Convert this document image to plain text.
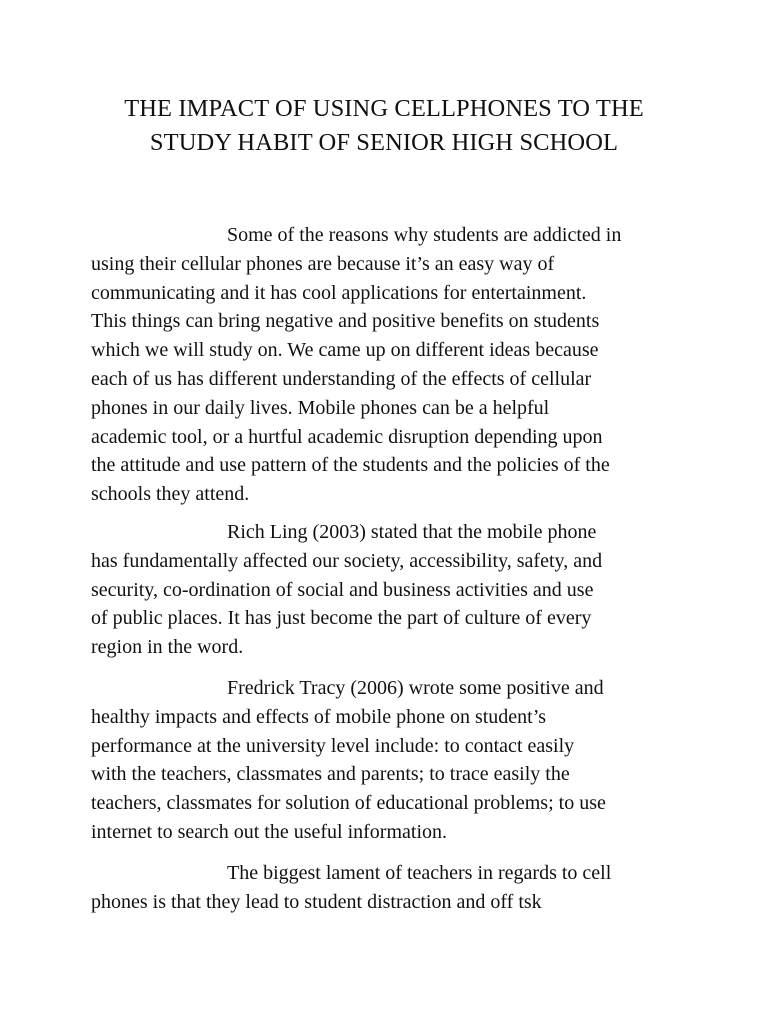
THE IMPACT OF USING CELLPHONES TO THE
STUDY HABIT OF SENIOR HIGH SCHOOL

Some of the reasons why students are addicted in
using their cellular phones are because it’s an easy way of
communicating and it has cool applications for entertainment.
This things can bring negative and positive benefits on students
which we will study on. We came up on different ideas because
each of us has different understanding of the effects of cellular
phones in our daily lives. Mobile phones can be a helpful
academic tool, or a hurtful academic disruption depending upon
the attitude and use pattern of the students and the policies of the
schools they attend.

Rich Ling (2003) stated that the mobile phone
has fundamentally affected our society, accessibility, safety, and
security, co-ordination of social and business activities and use
of public places. It has just become the part of culture of every
region in the word.

Fredrick Tracy (2006) wrote some positive and
healthy impacts and effects of mobile phone on student’s
performance at the university level include: to contact easily
with the teachers, classmates and parents; to trace easily the
teachers, classmates for solution of educational problems; to use
internet to search out the useful information.

The biggest lament of teachers in regards to cell
phones is that they lead to student distraction and off tsk
